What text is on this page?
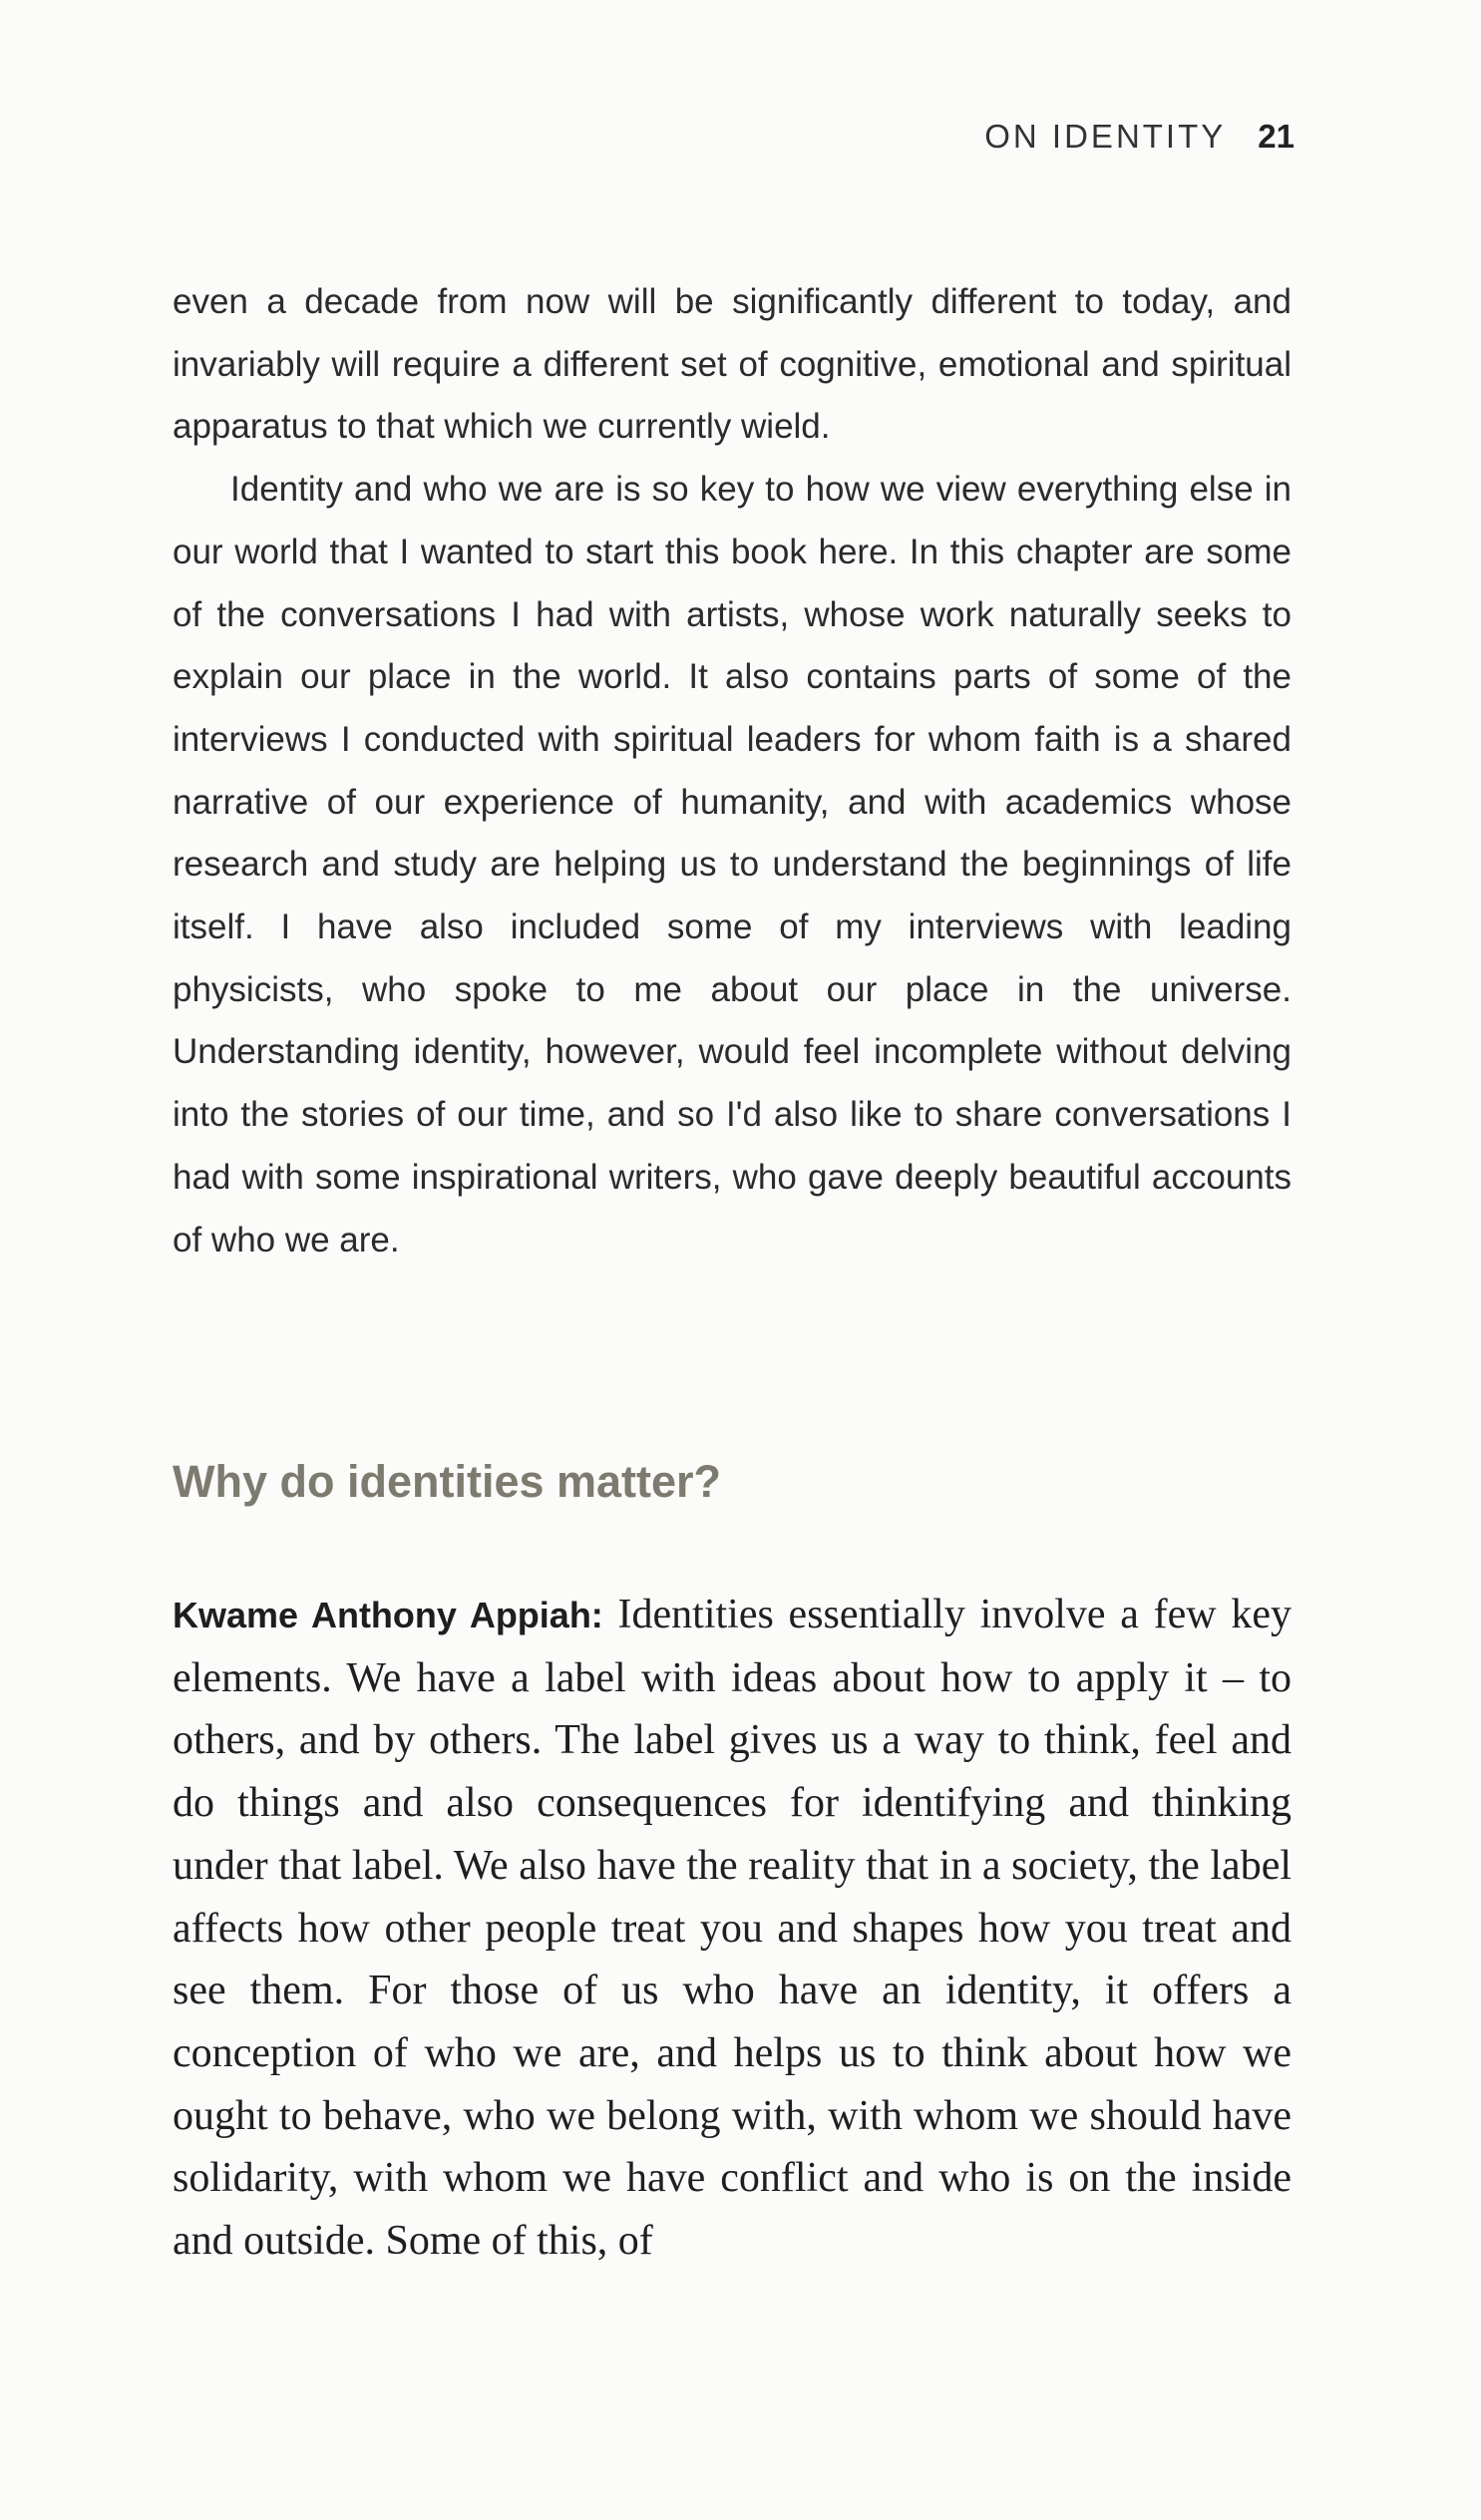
ON IDENTITY 21

even a decade from now will be significantly different to today, and invariably will require a different set of cognitive, emotional and spiritual apparatus to that which we currently wield.

Identity and who we are is so key to how we view everything else in our world that I wanted to start this book here. In this chapter are some of the conversations I had with artists, whose work naturally seeks to explain our place in the world. It also contains parts of some of the interviews I conducted with spiritual leaders for whom faith is a shared narrative of our experience of humanity, and with academics whose research and study are helping us to understand the beginnings of life itself. I have also included some of my interviews with leading physicists, who spoke to me about our place in the universe. Understanding identity, however, would feel incomplete without delving into the stories of our time, and so I'd also like to share conversations I had with some inspirational writers, who gave deeply beautiful accounts of who we are.

Why do identities matter?

Kwame Anthony Appiah: Identities essentially involve a few key elements. We have a label with ideas about how to apply it – to others, and by others. The label gives us a way to think, feel and do things and also consequences for identifying and thinking under that label. We also have the reality that in a society, the label affects how other people treat you and shapes how you treat and see them. For those of us who have an identity, it offers a conception of who we are, and helps us to think about how we ought to behave, who we belong with, with whom we should have solidarity, with whom we have conflict and who is on the inside and outside. Some of this, of
